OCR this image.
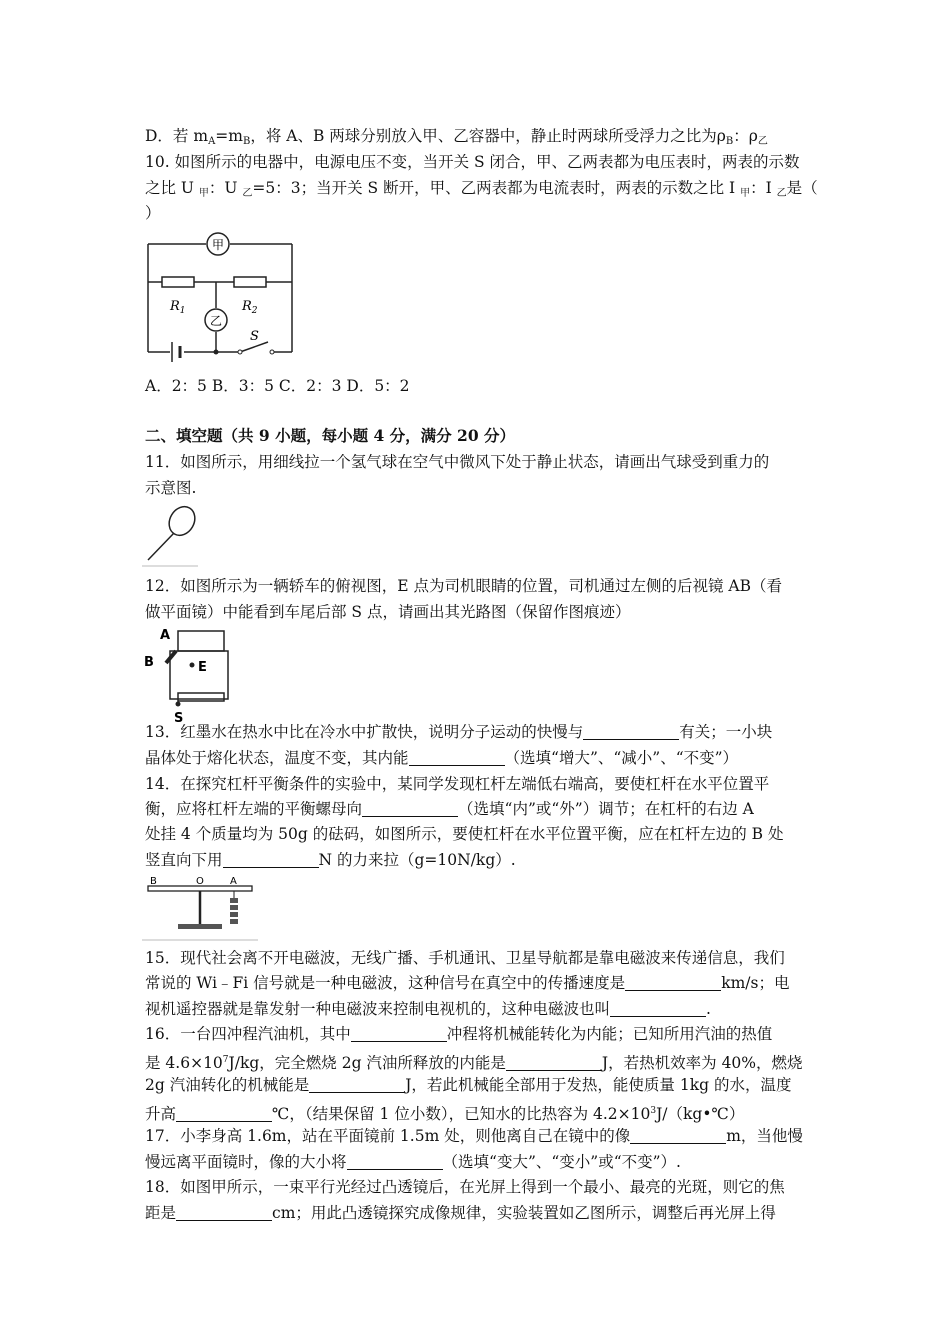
D．若 $m_A=m_B$，将 A、B 两球分别放入甲、乙容器中，静止时两球所受浮力之比为$\rho_B$：$\rho_乙$
10. 如图所示的电器中，电源电压不变，当开关 S 闭合，甲、乙两表都为电压表时，两表的示数
之比 U $_甲$：U $_乙$=5：3；当开关 S 断开，甲、乙两表都为电流表时，两表的示数之比 I $_甲$：I $_乙$是（
）
甲
乙
$R_1$	$R_2$
S
A．2：5 B．3：5 C．2：3 D．5：2
二、填空题（共 9 小题，每小题 4 分，满分 20 分）
11．如图所示，用细线拉一个氢气球在空气中微风下处于静止状态，请画出气球受到重力的
示意图.
12．如图所示为一辆轿车的俯视图，E 点为司机眼睛的位置，司机通过左侧的后视镜 AB（看
做平面镜）中能看到车尾后部 S 点，请画出其光路图（保留作图痕迹）
A
B	E
S
13．红墨水在热水中比在冷水中扩散快，说明分子运动的快慢与	有关；一小块
晶体处于熔化状态，温度不变，其内能	（选填“增大”、“减小”、“不变”）
14．在探究杠杆平衡条件的实验中，某同学发现杠杆左端低右端高，要使杠杆在水平位置平
衡，应将杠杆左端的平衡螺母向	（选填“内”或“外”）调节；在杠杆的右边 A
处挂 4 个质量均为 50g 的砝码，如图所示，要使杠杆在水平位置平衡，应在杠杆左边的 B 处
竖直向下用	N 的力来拉（g=10N/kg）.
B	O	A
15．现代社会离不开电磁波，无线广播、手机通讯、卫星导航都是靠电磁波来传递信息，我们
常说的 Wi﹣Fi 信号就是一种电磁波，这种信号在真空中的传播速度是	km/s；电
视机遥控器就是靠发射一种电磁波来控制电视机的，这种电磁波也叫	.
16．一台四冲程汽油机，其中	冲程将机械能转化为内能；已知所用汽油的热值
是 $4.6\times 10^7J/kg$，完全燃烧 2g 汽油所释放的内能是	J，若热机效率为 40%，燃烧
2g 汽油转化的机械能是	J，若此机械能全部用于发热，能使质量 1kg 的水，温度
升高	℃，（结果保留 1 位小数），已知水的比热容为 $4.2\times 10^3J/(kg•℃)$
17．小李身高 1.6m，站在平面镜前 1.5m 处，则他离自己在镜中的像	m，当他慢
慢远离平面镜时，像的大小将	（选填“变大”、“变小”或“不变”）.
18．如图甲所示，一束平行光经过凸透镜后，在光屏上得到一个最小、最亮的光斑，则它的焦
距是	cm；用此凸透镜探究成像规律，实验装置如乙图所示，调整后再光屏上得
